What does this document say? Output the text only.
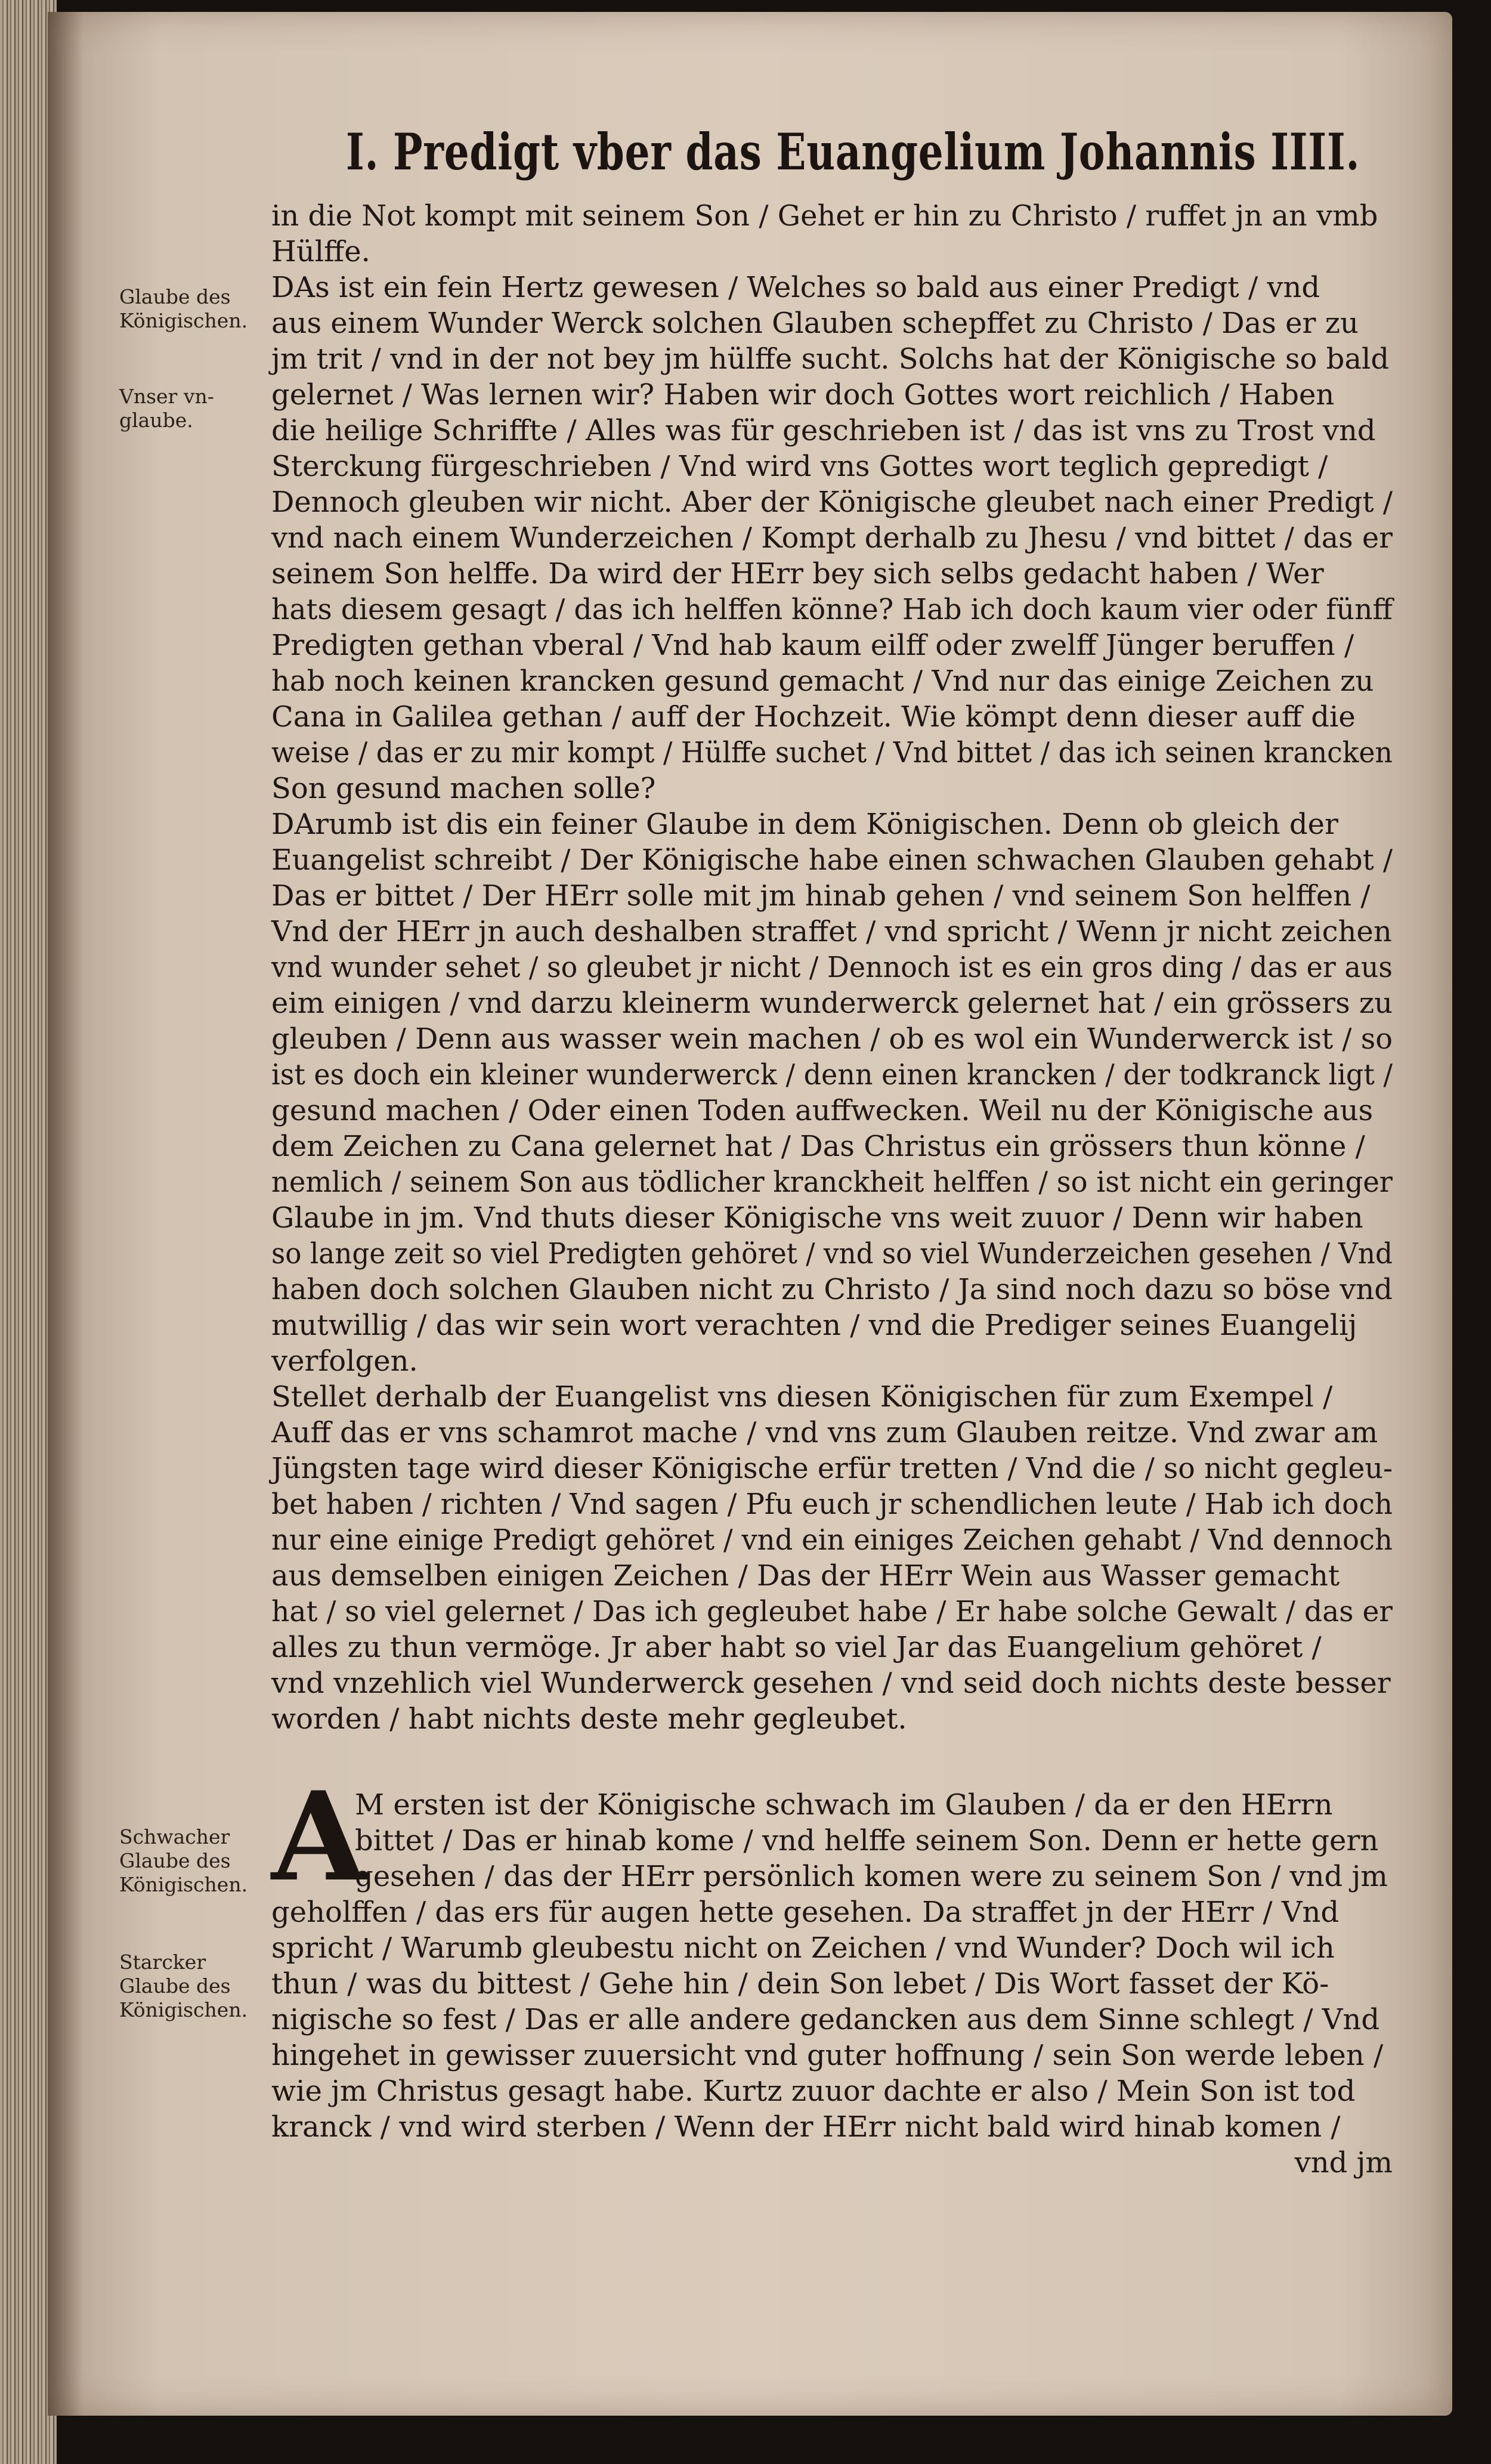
I. Predigt vber das Euangelium Johannis IIII.
Glaube des
Königischen.
Vnser vn-
glaube.
Schwacher
Glaube des
Königischen.
Starcker
Glaube des
Königischen.
A
in die Not kompt mit seinem Son / Gehet er hin zu Christo / ruffet jn an vmb
Hülffe.
DAs ist ein fein Hertz gewesen / Welches so bald aus einer Predigt / vnd
aus einem Wunder Werck solchen Glauben schepffet zu Christo / Das er zu
jm trit / vnd in der not bey jm hülffe sucht. Solchs hat der Königische so bald
gelernet / Was lernen wir? Haben wir doch Gottes wort reichlich / Haben
die heilige Schriffte / Alles was für geschrieben ist / das ist vns zu Trost vnd
Sterckung fürgeschrieben / Vnd wird vns Gottes wort teglich gepredigt /
Dennoch gleuben wir nicht. Aber der Königische gleubet nach einer Predigt /
vnd nach einem Wunderzeichen / Kompt derhalb zu Jhesu / vnd bittet / das er
seinem Son helffe. Da wird der HErr bey sich selbs gedacht haben / Wer
hats diesem gesagt / das ich helffen könne? Hab ich doch kaum vier oder fünff
Predigten gethan vberal / Vnd hab kaum eilff oder zwelff Jünger beruffen /
hab noch keinen krancken gesund gemacht / Vnd nur das einige Zeichen zu
Cana in Galilea gethan / auff der Hochzeit. Wie kömpt denn dieser auff die
weise / das er zu mir kompt / Hülffe suchet / Vnd bittet / das ich seinen krancken
Son gesund machen solle?
DArumb ist dis ein feiner Glaube in dem Königischen. Denn ob gleich der
Euangelist schreibt / Der Königische habe einen schwachen Glauben gehabt /
Das er bittet / Der HErr solle mit jm hinab gehen / vnd seinem Son helffen /
Vnd der HErr jn auch deshalben straffet / vnd spricht / Wenn jr nicht zeichen
vnd wunder sehet / so gleubet jr nicht / Dennoch ist es ein gros ding / das er aus
eim einigen / vnd darzu kleinerm wunderwerck gelernet hat / ein grössers zu
gleuben / Denn aus wasser wein machen / ob es wol ein Wunderwerck ist / so
ist es doch ein kleiner wunderwerck / denn einen krancken / der todkranck ligt /
gesund machen / Oder einen Toden auffwecken. Weil nu der Königische aus
dem Zeichen zu Cana gelernet hat / Das Christus ein grössers thun könne /
nemlich / seinem Son aus tödlicher kranckheit helffen / so ist nicht ein geringer
Glaube in jm. Vnd thuts dieser Königische vns weit zuuor / Denn wir haben
so lange zeit so viel Predigten gehöret / vnd so viel Wunderzeichen gesehen / Vnd
haben doch solchen Glauben nicht zu Christo / Ja sind noch dazu so böse vnd
mutwillig / das wir sein wort verachten / vnd die Prediger seines Euangelij
verfolgen.
Stellet derhalb der Euangelist vns diesen Königischen für zum Exempel /
Auff das er vns schamrot mache / vnd vns zum Glauben reitze. Vnd zwar am
Jüngsten tage wird dieser Königische erfür tretten / Vnd die / so nicht gegleu-
bet haben / richten / Vnd sagen / Pfu euch jr schendlichen leute / Hab ich doch
nur eine einige Predigt gehöret / vnd ein einiges Zeichen gehabt / Vnd dennoch
aus demselben einigen Zeichen / Das der HErr Wein aus Wasser gemacht
hat / so viel gelernet / Das ich gegleubet habe / Er habe solche Gewalt / das er
alles zu thun vermöge. Jr aber habt so viel Jar das Euangelium gehöret /
vnd vnzehlich viel Wunderwerck gesehen / vnd seid doch nichts deste besser
worden / habt nichts deste mehr gegleubet.
M ersten ist der Königische schwach im Glauben / da er den HErrn
bittet / Das er hinab kome / vnd helffe seinem Son. Denn er hette gern
gesehen / das der HErr persönlich komen were zu seinem Son / vnd jm
geholffen / das ers für augen hette gesehen. Da straffet jn der HErr / Vnd
spricht / Warumb gleubestu nicht on Zeichen / vnd Wunder? Doch wil ich
thun / was du bittest / Gehe hin / dein Son lebet / Dis Wort fasset der Kö-
nigische so fest / Das er alle andere gedancken aus dem Sinne schlegt / Vnd
hingehet in gewisser zuuersicht vnd guter hoffnung / sein Son werde leben /
wie jm Christus gesagt habe. Kurtz zuuor dachte er also / Mein Son ist tod
kranck / vnd wird sterben / Wenn der HErr nicht bald wird hinab komen /
vnd jm
